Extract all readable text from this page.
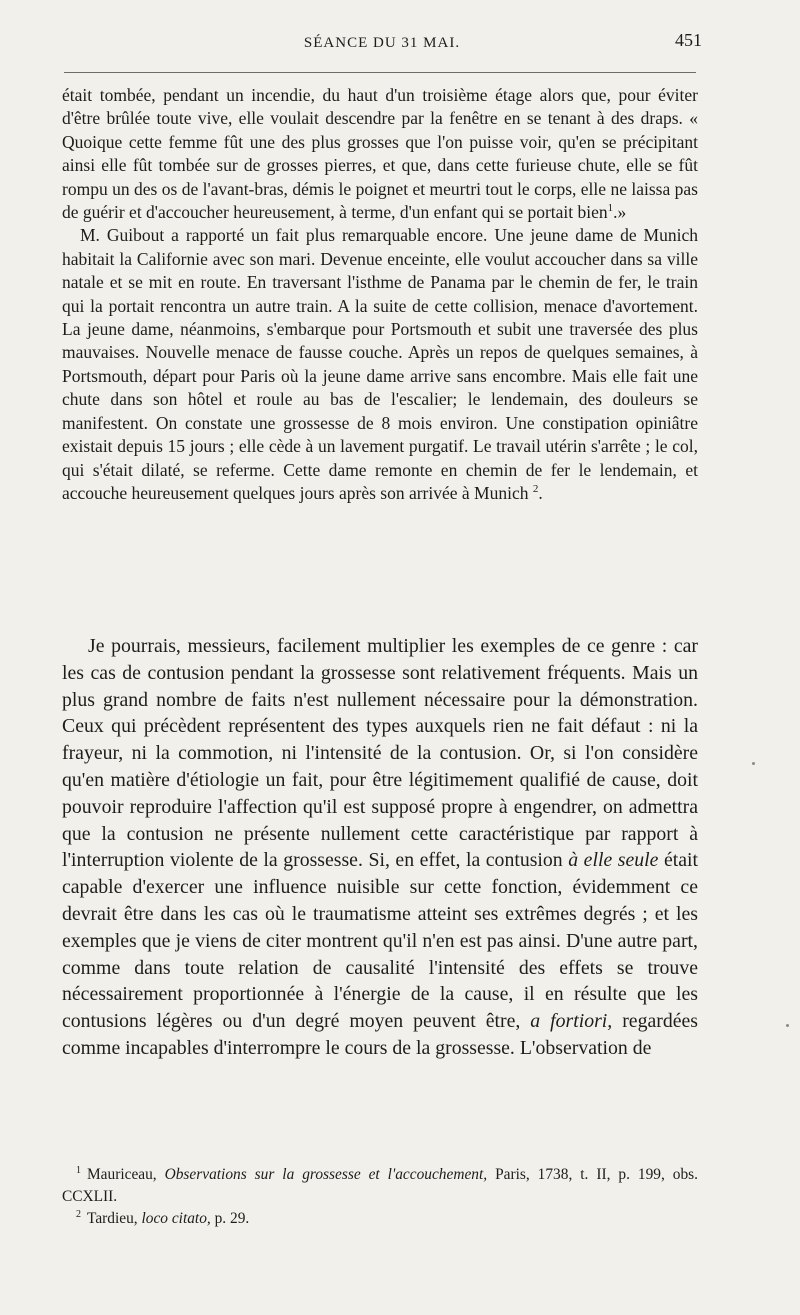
SÉANCE DU 31 MAI.	451

était tombée, pendant un incendie, du haut d'un troisième étage alors que, pour éviter d'être brûlée toute vive, elle voulait descendre par la fenêtre en se tenant à des draps. « Quoique cette femme fût une des plus grosses que l'on puisse voir, qu'en se précipitant ainsi elle fût tombée sur de grosses pierres, et que, dans cette furieuse chute, elle se fût rompu un des os de l'avant-bras, démis le poignet et meurtri tout le corps, elle ne laissa pas de guérir et d'accoucher heureusement, à terme, d'un enfant qui se portait bien$^1$.»

M. Guibout a rapporté un fait plus remarquable encore. Une jeune dame de Munich habitait la Californie avec son mari. Devenue enceinte, elle voulut accoucher dans sa ville natale et se mit en route. En traversant l'isthme de Panama par le chemin de fer, le train qui la portait rencontra un autre train. A la suite de cette collision, menace d'avortement. La jeune dame, néanmoins, s'embarque pour Portsmouth et subit une traversée des plus mauvaises. Nouvelle menace de fausse couche. Après un repos de quelques semaines, à Portsmouth, départ pour Paris où la jeune dame arrive sans encombre. Mais elle fait une chute dans son hôtel et roule au bas de l'escalier; le lendemain, des douleurs se manifestent. On constate une grossesse de 8 mois environ. Une constipation opiniâtre existait depuis 15 jours ; elle cède à un lavement purgatif. Le travail utérin s'arrête ; le col, qui s'était dilaté, se referme. Cette dame remonte en chemin de fer le lendemain, et accouche heureusement quelques jours après son arrivée à Munich $^2$.

Je pourrais, messieurs, facilement multiplier les exemples de ce genre : car les cas de contusion pendant la grossesse sont relativement fréquents. Mais un plus grand nombre de faits n'est nullement nécessaire pour la démonstration. Ceux qui précèdent représentent des types auxquels rien ne fait défaut : ni la frayeur, ni la commotion, ni l'intensité de la contusion. Or, si l'on considère qu'en matière d'étiologie un fait, pour être légitimement qualifié de cause, doit pouvoir reproduire l'affection qu'il est supposé propre à engendrer, on admettra que la contusion ne présente nullement cette caractéristique par rapport à l'interruption violente de la grossesse. Si, en effet, la contusion à elle seule était capable d'exercer une influence nuisible sur cette fonction, évidemment ce devrait être dans les cas où le traumatisme atteint ses extrêmes degrés ; et les exemples que je viens de citer montrent qu'il n'en est pas ainsi. D'une autre part, comme dans toute relation de causalité l'intensité des effets se trouve nécessairement proportionnée à l'énergie de la cause, il en résulte que les contusions légères ou d'un degré moyen peuvent être, a fortiori, regardées comme incapables d'interrompre le cours de la grossesse. L'observation de

$^1$ Mauriceau, Observations sur la grossesse et l'accouchement, Paris, 1738, t. II, p. 199, obs. CCXLII.

$^2$ Tardieu, loco citato, p. 29.
